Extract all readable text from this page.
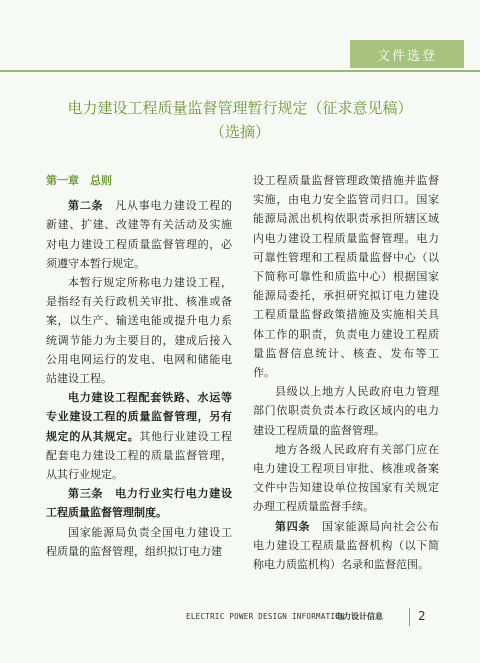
文件选登
电力建设工程质量监督管理暂行规定（征求意见稿）
（选摘）

第一章　总则

第二条　凡从事电力建设工程的新建、扩建、改建等有关活动及实施对电力建设工程质量监督管理的，必须遵守本暂行规定。

本暂行规定所称电力建设工程，是指经有关行政机关审批、核准或备案，以生产、输送电能或提升电力系统调节能力为主要目的，建成后接入公用电网运行的发电、电网和储能电站建设工程。

电力建设工程配套铁路、水运等专业建设工程的质量监督管理，另有规定的从其规定。其他行业建设工程配套电力建设工程的质量监督管理，从其行业规定。

第三条　电力行业实行电力建设工程质量监督管理制度。

国家能源局负责全国电力建设工程质量的监督管理，组织拟订电力建

设工程质量监督管理政策措施并监督实施，由电力安全监管司归口。国家能源局派出机构依职责承担所辖区域内电力建设工程质量监督管理。电力可靠性管理和工程质量监督中心（以下简称可靠性和质监中心）根据国家能源局委托，承担研究拟订电力建设工程质量监督政策措施及实施相关具体工作的职责，负责电力建设工程质量监督信息统计、核查、发布等工作。

县级以上地方人民政府电力管理部门依职责负责本行政区域内的电力建设工程质量的监督管理。

地方各级人民政府有关部门应在电力建设工程项目审批、核准或备案文件中告知建设单位按国家有关规定办理工程质量监督手续。

第四条　国家能源局向社会公布电力建设工程质量监督机构（以下简称电力质监机构）名录和监督范围。

ELECTRIC POWER DESIGN INFORMATION
电力设计信息	2
